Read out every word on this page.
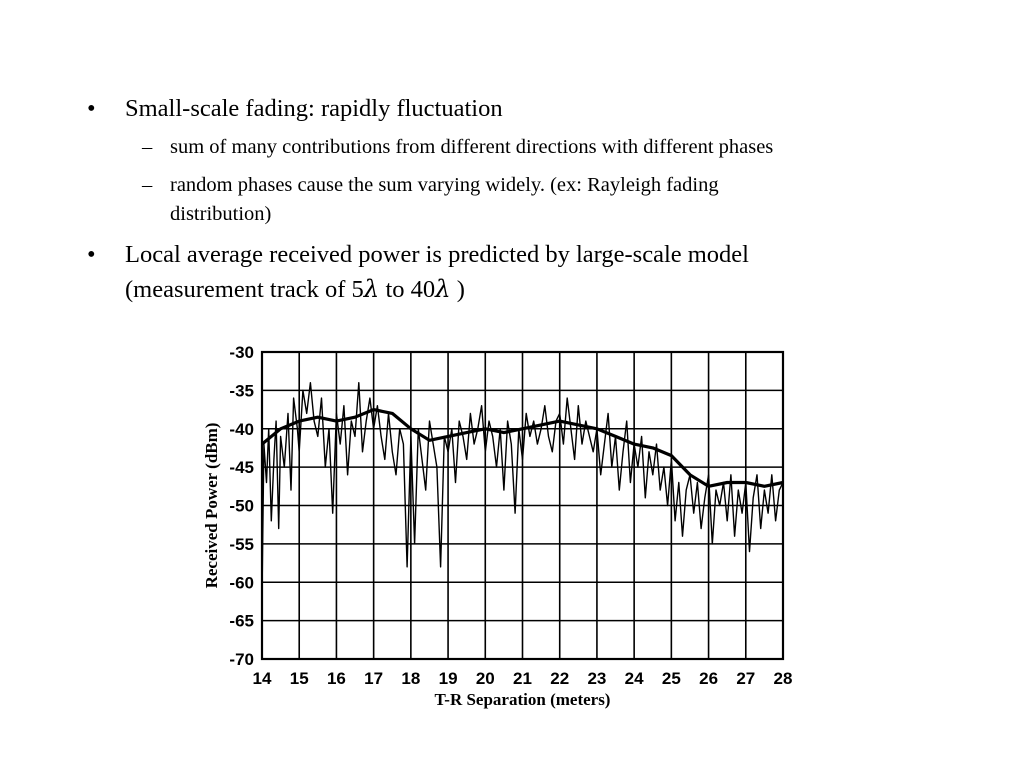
• Small-scale fading: rapidly fluctuation
– sum of many contributions from different directions with different phases
– random phases cause the sum varying widely. (ex: Rayleigh fading
distribution)
• Local average received power is predicted by large-scale model
(measurement track of 5λ to 40λ )
-30
-35
-40
-45
-50
-55
-60
-65
-70
14 15 16 17 18 19 20 21 22 23 24 25 26 27 28
T-R Separation (meters)
Received Power (dBm)
